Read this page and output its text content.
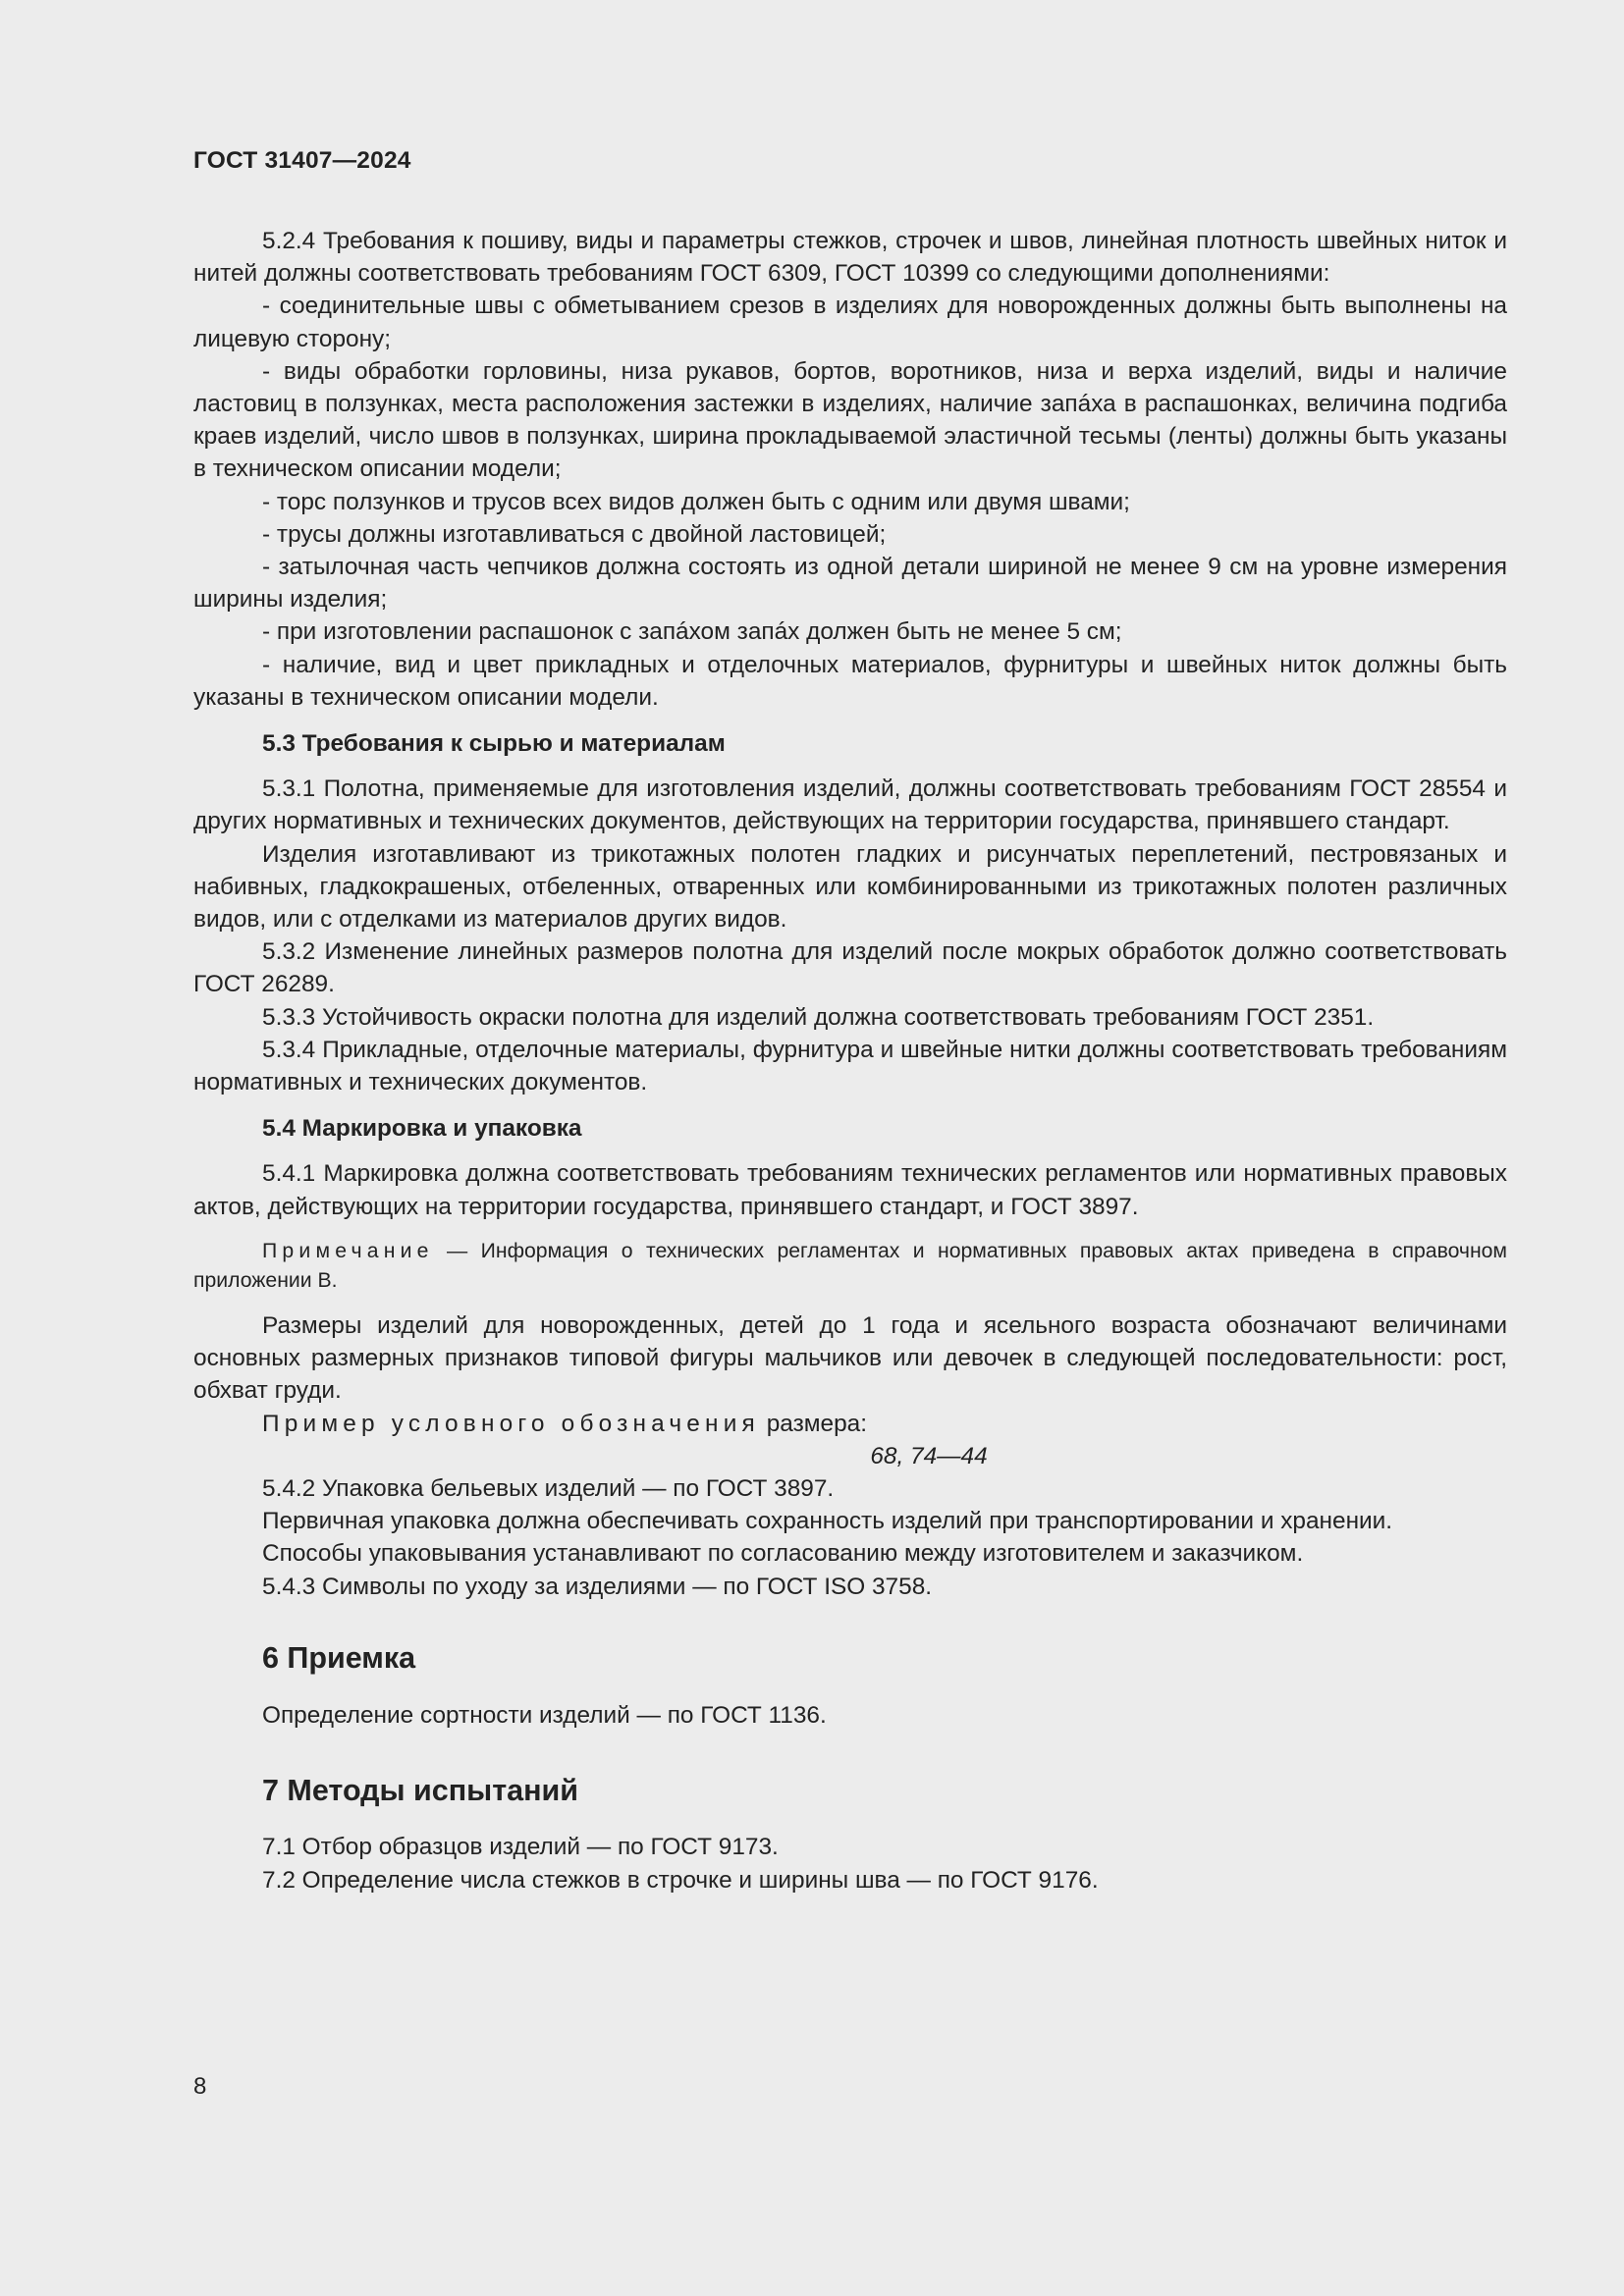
ГОСТ 31407—2024

5.2.4 Требования к пошиву, виды и параметры стежков, строчек и швов, линейная плотность швейных ниток и нитей должны соответствовать требованиям ГОСТ 6309, ГОСТ 10399 со следующими дополнениями:

- соединительные швы с обметыванием срезов в изделиях для новорожденных должны быть выполнены на лицевую сторону;

- виды обработки горловины, низа рукавов, бортов, воротников, низа и верха изделий, виды и наличие ластовиц в ползунках, места расположения застежки в изделиях, наличие запáха в распашонках, величина подгиба краев изделий, число швов в ползунках, ширина прокладываемой эластичной тесьмы (ленты) должны быть указаны в техническом описании модели;

- торс ползунков и трусов всех видов должен быть с одним или двумя швами;

- трусы должны изготавливаться с двойной ластовицей;

- затылочная часть чепчиков должна состоять из одной детали шириной не менее 9 см на уровне измерения ширины изделия;

- при изготовлении распашонок с запáхом запáх должен быть не менее 5 см;

- наличие, вид и цвет прикладных и отделочных материалов, фурнитуры и швейных ниток должны быть указаны в техническом описании модели.

5.3 Требования к сырью и материалам

5.3.1 Полотна, применяемые для изготовления изделий, должны соответствовать требованиям ГОСТ 28554 и других нормативных и технических документов, действующих на территории государства, принявшего стандарт.

Изделия изготавливают из трикотажных полотен гладких и рисунчатых переплетений, пестровязаных и набивных, гладкокрашеных, отбеленных, отваренных или комбинированными из трикотажных полотен различных видов, или с отделками из материалов других видов.

5.3.2 Изменение линейных размеров полотна для изделий после мокрых обработок должно соответствовать ГОСТ 26289.

5.3.3 Устойчивость окраски полотна для изделий должна соответствовать требованиям ГОСТ 2351.

5.3.4 Прикладные, отделочные материалы, фурнитура и швейные нитки должны соответствовать требованиям нормативных и технических документов.

5.4 Маркировка и упаковка

5.4.1 Маркировка должна соответствовать требованиям технических регламентов или нормативных правовых актов, действующих на территории государства, принявшего стандарт, и ГОСТ 3897.

Примечание — Информация о технических регламентах и нормативных правовых актах приведена в справочном приложении В.

Размеры изделий для новорожденных, детей до 1 года и ясельного возраста обозначают величинами основных размерных признаков типовой фигуры мальчиков или девочек в следующей последовательности: рост, обхват груди.

Пример условного обозначения размера:

68, 74—44

5.4.2 Упаковка бельевых изделий — по ГОСТ 3897.

Первичная упаковка должна обеспечивать сохранность изделий при транспортировании и хранении.

Способы упаковывания устанавливают по согласованию между изготовителем и заказчиком.

5.4.3 Символы по уходу за изделиями — по ГОСТ ISO 3758.

6 Приемка

Определение сортности изделий — по ГОСТ 1136.

7 Методы испытаний

7.1 Отбор образцов изделий — по ГОСТ 9173.

7.2 Определение числа стежков в строчке и ширины шва — по ГОСТ 9176.

8
